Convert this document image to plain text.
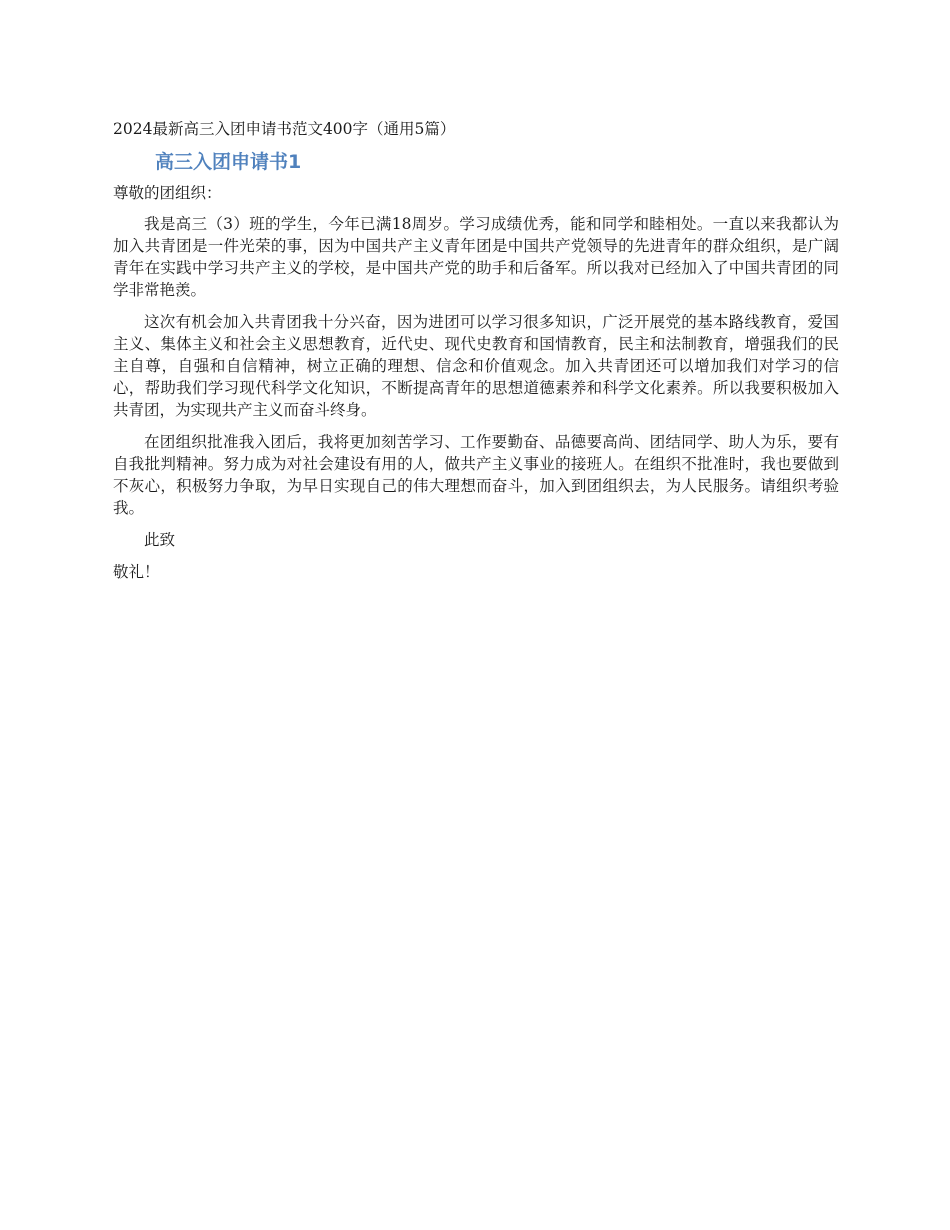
2024最新高三入团申请书范文400字（通用5篇）

高三入团申请书1

尊敬的团组织：

我是高三（3）班的学生，今年已满18周岁。学习成绩优秀，能和同学和睦相处。一直以来我都认为加入共青团是一件光荣的事，因为中国共产主义青年团是中国共产党领导的先进青年的群众组织，是广阔青年在实践中学习共产主义的学校，是中国共产党的助手和后备军。所以我对已经加入了中国共青团的同学非常艳羡。

这次有机会加入共青团我十分兴奋，因为进团可以学习很多知识，广泛开展党的基本路线教育，爱国主义、集体主义和社会主义思想教育，近代史、现代史教育和国情教育，民主和法制教育，增强我们的民主自尊，自强和自信精神，树立正确的理想、信念和价值观念。加入共青团还可以增加我们对学习的信心，帮助我们学习现代科学文化知识，不断提高青年的思想道德素养和科学文化素养。所以我要积极加入共青团，为实现共产主义而奋斗终身。

在团组织批准我入团后，我将更加刻苦学习、工作要勤奋、品德要高尚、团结同学、助人为乐，要有自我批判精神。努力成为对社会建设有用的人，做共产主义事业的接班人。在组织不批准时，我也要做到不灰心，积极努力争取，为早日实现自己的伟大理想而奋斗，加入到团组织去，为人民服务。请组织考验我。

此致

敬礼！
